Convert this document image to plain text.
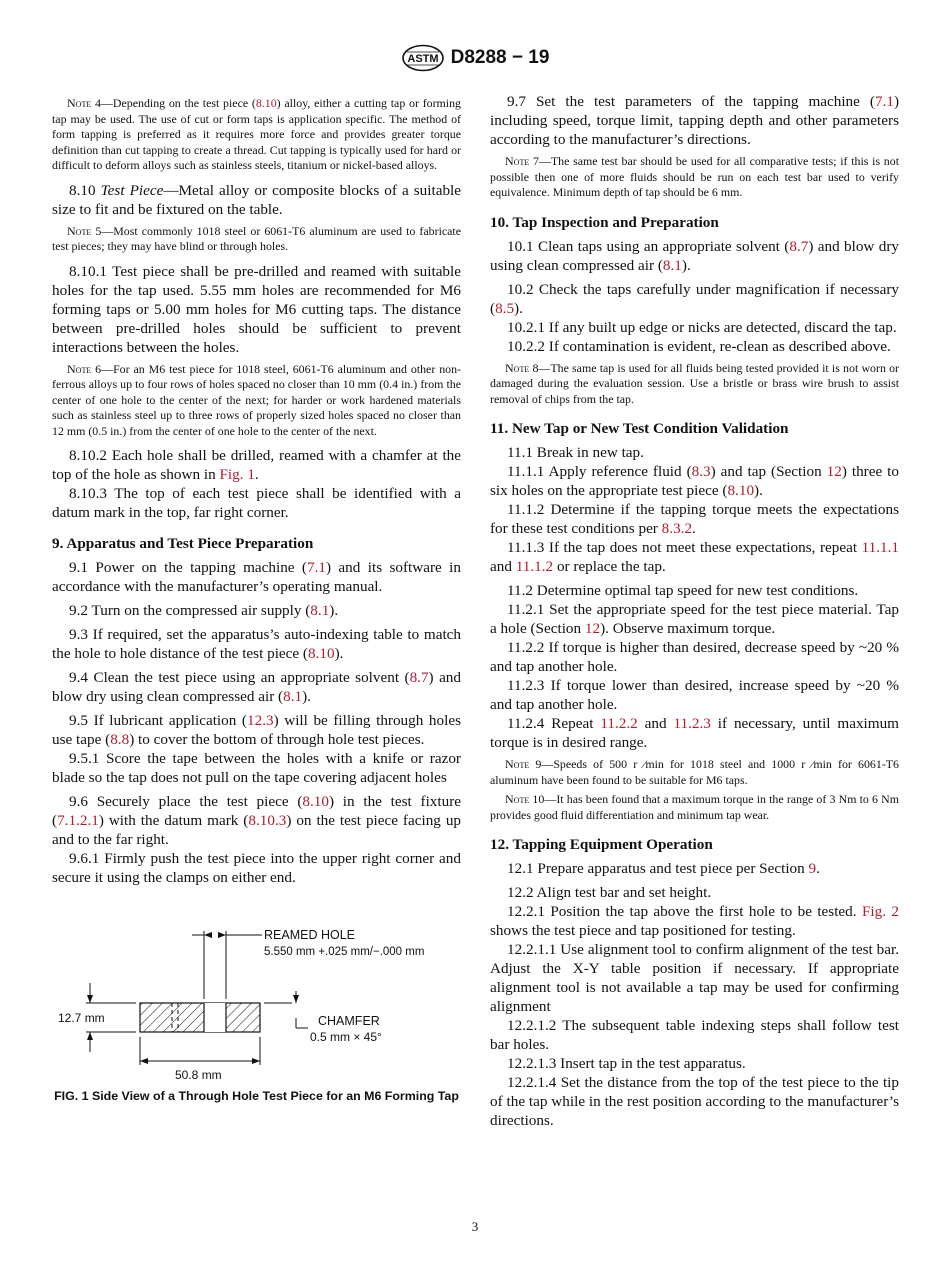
ASTM D8288 − 19
Note 4—Depending on the test piece (8.10) alloy, either a cutting tap or forming tap may be used. The use of cut or form taps is application specific. The method of form tapping is preferred as it requires more force and provides greater torque definition than cut tapping to create a thread. Cut tapping is typically used for hard or difficult to deform alloys such as stainless steels, titanium or nickel-based alloys.
8.10 Test Piece—Metal alloy or composite blocks of a suitable size to fit and be fixtured on the table.
Note 5—Most commonly 1018 steel or 6061-T6 aluminum are used to fabricate test pieces; they may have blind or through holes.
8.10.1 Test piece shall be pre-drilled and reamed with suitable holes for the tap used. 5.55 mm holes are recommended for M6 forming taps or 5.00 mm holes for M6 cutting taps. The distance between pre-drilled holes should be sufficient to prevent interactions between the holes.
Note 6—For an M6 test piece for 1018 steel, 6061-T6 aluminum and other non-ferrous alloys up to four rows of holes spaced no closer than 10 mm (0.4 in.) from the center of one hole to the center of the next; for harder or work hardened materials such as stainless steel up to three rows of properly sized holes spaced no closer than 12 mm (0.5 in.) from the center of one hole to the center of the next.
8.10.2 Each hole shall be drilled, reamed with a chamfer at the top of the hole as shown in Fig. 1.
8.10.3 The top of each test piece shall be identified with a datum mark in the top, far right corner.
9. Apparatus and Test Piece Preparation
9.1 Power on the tapping machine (7.1) and its software in accordance with the manufacturer’s operating manual.
9.2 Turn on the compressed air supply (8.1).
9.3 If required, set the apparatus’s auto-indexing table to match the hole to hole distance of the test piece (8.10).
9.4 Clean the test piece using an appropriate solvent (8.7) and blow dry using clean compressed air (8.1).
9.5 If lubricant application (12.3) will be filling through holes use tape (8.8) to cover the bottom of through hole test pieces.
9.5.1 Score the tape between the holes with a knife or razor blade so the tap does not pull on the tape covering adjacent holes
9.6 Securely place the test piece (8.10) in the test fixture (7.1.2.1) with the datum mark (8.10.3) on the test piece facing up and to the far right.
9.6.1 Firmly push the test piece into the upper right corner and secure it using the clamps on either end.
REAMED HOLE
5.550 mm +.025 mm/−.000 mm
12.7 mm	CHAMFER
0.5 mm × 45°
50.8 mm
FIG. 1 Side View of a Through Hole Test Piece for an M6 Forming Tap
9.7 Set the test parameters of the tapping machine (7.1) including speed, torque limit, tapping depth and other parameters according to the manufacturer’s directions.
Note 7—The same test bar should be used for all comparative tests; if this is not possible then one of more fluids should be run on each test bar used to verify equivalence. Minimum depth of tap should be 6 mm.
10. Tap Inspection and Preparation
10.1 Clean taps using an appropriate solvent (8.7) and blow dry using clean compressed air (8.1).
10.2 Check the taps carefully under magnification if necessary (8.5).
10.2.1 If any built up edge or nicks are detected, discard the tap.
10.2.2 If contamination is evident, re-clean as described above.
Note 8—The same tap is used for all fluids being tested provided it is not worn or damaged during the evaluation session. Use a bristle or brass wire brush to assist removal of chips from the tap.
11. New Tap or New Test Condition Validation
11.1 Break in new tap.
11.1.1 Apply reference fluid (8.3) and tap (Section 12) three to six holes on the appropriate test piece (8.10).
11.1.2 Determine if the tapping torque meets the expectations for these test conditions per 8.3.2.
11.1.3 If the tap does not meet these expectations, repeat 11.1.1 and 11.1.2 or replace the tap.
11.2 Determine optimal tap speed for new test conditions.
11.2.1 Set the appropriate speed for the test piece material. Tap a hole (Section 12). Observe maximum torque.
11.2.2 If torque is higher than desired, decrease speed by ~20 % and tap another hole.
11.2.3 If torque lower than desired, increase speed by ~20 % and tap another hole.
11.2.4 Repeat 11.2.2 and 11.2.3 if necessary, until maximum torque is in desired range.
Note 9—Speeds of 500 r ⁄min for 1018 steel and 1000 r ⁄min for 6061-T6 aluminum have been found to be suitable for M6 taps.
Note 10—It has been found that a maximum torque in the range of 3 Nm to 6 Nm provides good fluid differentiation and minimum tap wear.
12. Tapping Equipment Operation
12.1 Prepare apparatus and test piece per Section 9.
12.2 Align test bar and set height.
12.2.1 Position the tap above the first hole to be tested. Fig. 2 shows the test piece and tap positioned for testing.
12.2.1.1 Use alignment tool to confirm alignment of the test bar. Adjust the X-Y table position if necessary. If appropriate alignment tool is not available a tap may be used for confirming alignment
12.2.1.2 The subsequent table indexing steps shall follow test bar holes.
12.2.1.3 Insert tap in the test apparatus.
12.2.1.4 Set the distance from the top of the test piece to the tip of the tap while in the rest position according to the manufacturer’s directions.
3
